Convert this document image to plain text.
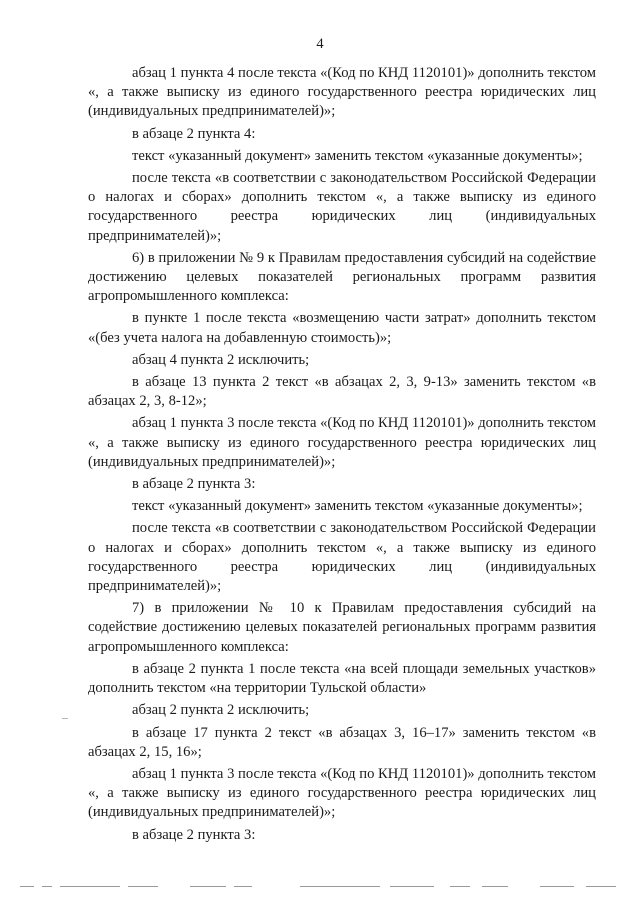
4

абзац 1 пункта 4 после текста «(Код по КНД 1120101)» дополнить текстом «, а также выписку из единого государственного реестра юридических лиц (индивидуальных предпринимателей)»;

в абзаце 2 пункта 4:

текст «указанный документ» заменить текстом «указанные документы»;

после текста «в соответствии с законодательством Российской Федерации о налогах и сборах» дополнить текстом «, а также выписку из единого государственного реестра юридических лиц (индивидуальных предпринимателей)»;

6) в приложении № 9 к Правилам предоставления субсидий на содействие достижению целевых показателей региональных программ развития агропромышленного комплекса:

в пункте 1 после текста «возмещению части затрат» дополнить текстом «(без учета налога на добавленную стоимость)»;

абзац 4 пункта 2 исключить;

в абзаце 13 пункта 2 текст «в абзацах 2, 3, 9-13» заменить текстом «в абзацах 2, 3, 8-12»;

абзац 1 пункта 3 после текста «(Код по КНД 1120101)» дополнить текстом «, а также выписку из единого государственного реестра юридических лиц (индивидуальных предпринимателей)»;

в абзаце 2 пункта 3:

текст «указанный документ» заменить текстом «указанные документы»;

после текста «в соответствии с законодательством Российской Федерации о налогах и сборах» дополнить текстом «, а также выписку из единого государственного реестра юридических лиц (индивидуальных предпринимателей)»;

7) в приложении № 10 к Правилам предоставления субсидий на содействие достижению целевых показателей региональных программ развития агропромышленного комплекса:

в абзаце 2 пункта 1 после текста «на всей площади земельных участков» дополнить текстом «на территории Тульской области»

абзац 2 пункта 2 исключить;

в абзаце 17 пункта 2 текст «в абзацах 3, 16–17» заменить текстом «в абзацах 2, 15, 16»;

абзац 1 пункта 3 после текста «(Код по КНД 1120101)» дополнить текстом «, а также выписку из единого государственного реестра юридических лиц (индивидуальных предпринимателей)»;

в абзаце 2 пункта 3:
